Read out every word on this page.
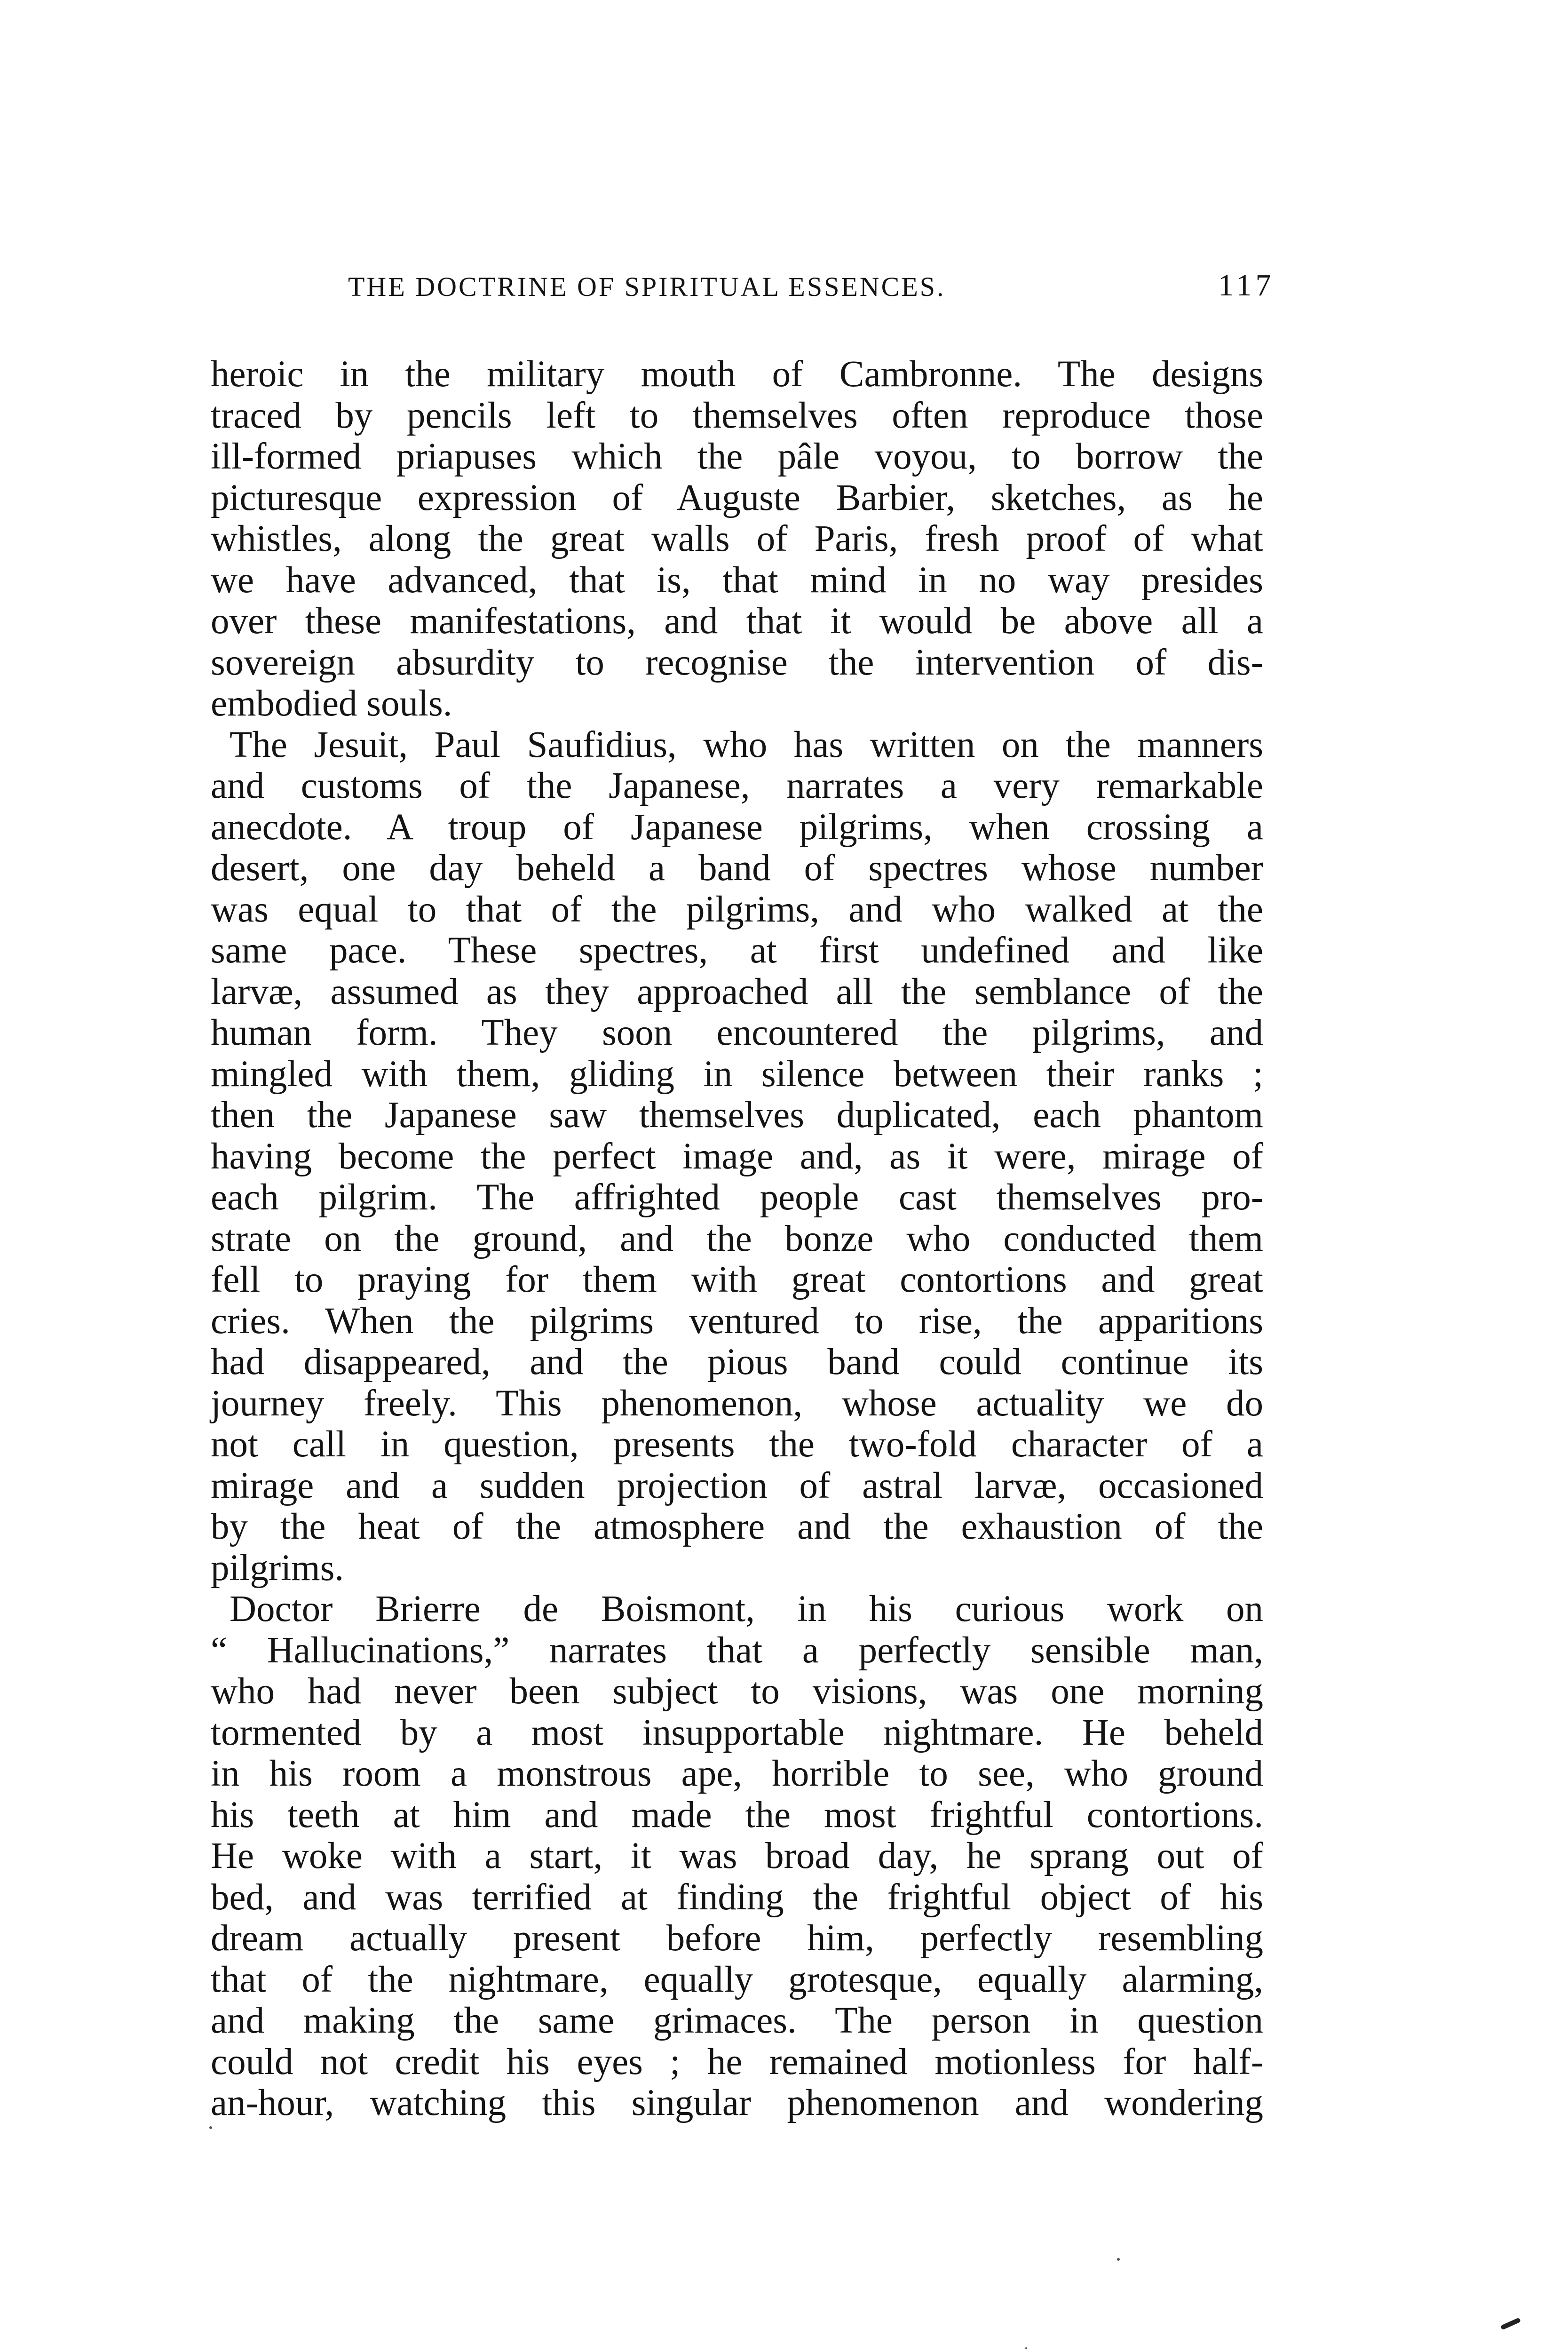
THE DOCTRINE OF SPIRITUAL ESSENCES.	117
heroic in the military mouth of Cambronne. The designs
traced by pencils left to themselves often reproduce those
ill-formed priapuses which the pâle voyou, to borrow the
picturesque expression of Auguste Barbier, sketches, as he
whistles, along the great walls of Paris, fresh proof of what
we have advanced, that is, that mind in no way presides
over these manifestations, and that it would be above all a
sovereign absurdity to recognise the intervention of dis-
embodied souls.
The Jesuit, Paul Saufidius, who has written on the manners
and customs of the Japanese, narrates a very remarkable
anecdote. A troup of Japanese pilgrims, when crossing a
desert, one day beheld a band of spectres whose number
was equal to that of the pilgrims, and who walked at the
same pace. These spectres, at first undefined and like
larvæ, assumed as they approached all the semblance of the
human form. They soon encountered the pilgrims, and
mingled with them, gliding in silence between their ranks ;
then the Japanese saw themselves duplicated, each phantom
having become the perfect image and, as it were, mirage of
each pilgrim. The affrighted people cast themselves pro-
strate on the ground, and the bonze who conducted them
fell to praying for them with great contortions and great
cries. When the pilgrims ventured to rise, the apparitions
had disappeared, and the pious band could continue its
journey freely. This phenomenon, whose actuality we do
not call in question, presents the two-fold character of a
mirage and a sudden projection of astral larvæ, occasioned
by the heat of the atmosphere and the exhaustion of the
pilgrims.
Doctor Brierre de Boismont, in his curious work on
“ Hallucinations,” narrates that a perfectly sensible man,
who had never been subject to visions, was one morning
tormented by a most insupportable nightmare. He beheld
in his room a monstrous ape, horrible to see, who ground
his teeth at him and made the most frightful contortions.
He woke with a start, it was broad day, he sprang out of
bed, and was terrified at finding the frightful object of his
dream actually present before him, perfectly resembling
that of the nightmare, equally grotesque, equally alarming,
and making the same grimaces. The person in question
could not credit his eyes ; he remained motionless for half-
an-hour, watching this singular phenomenon and wondering
